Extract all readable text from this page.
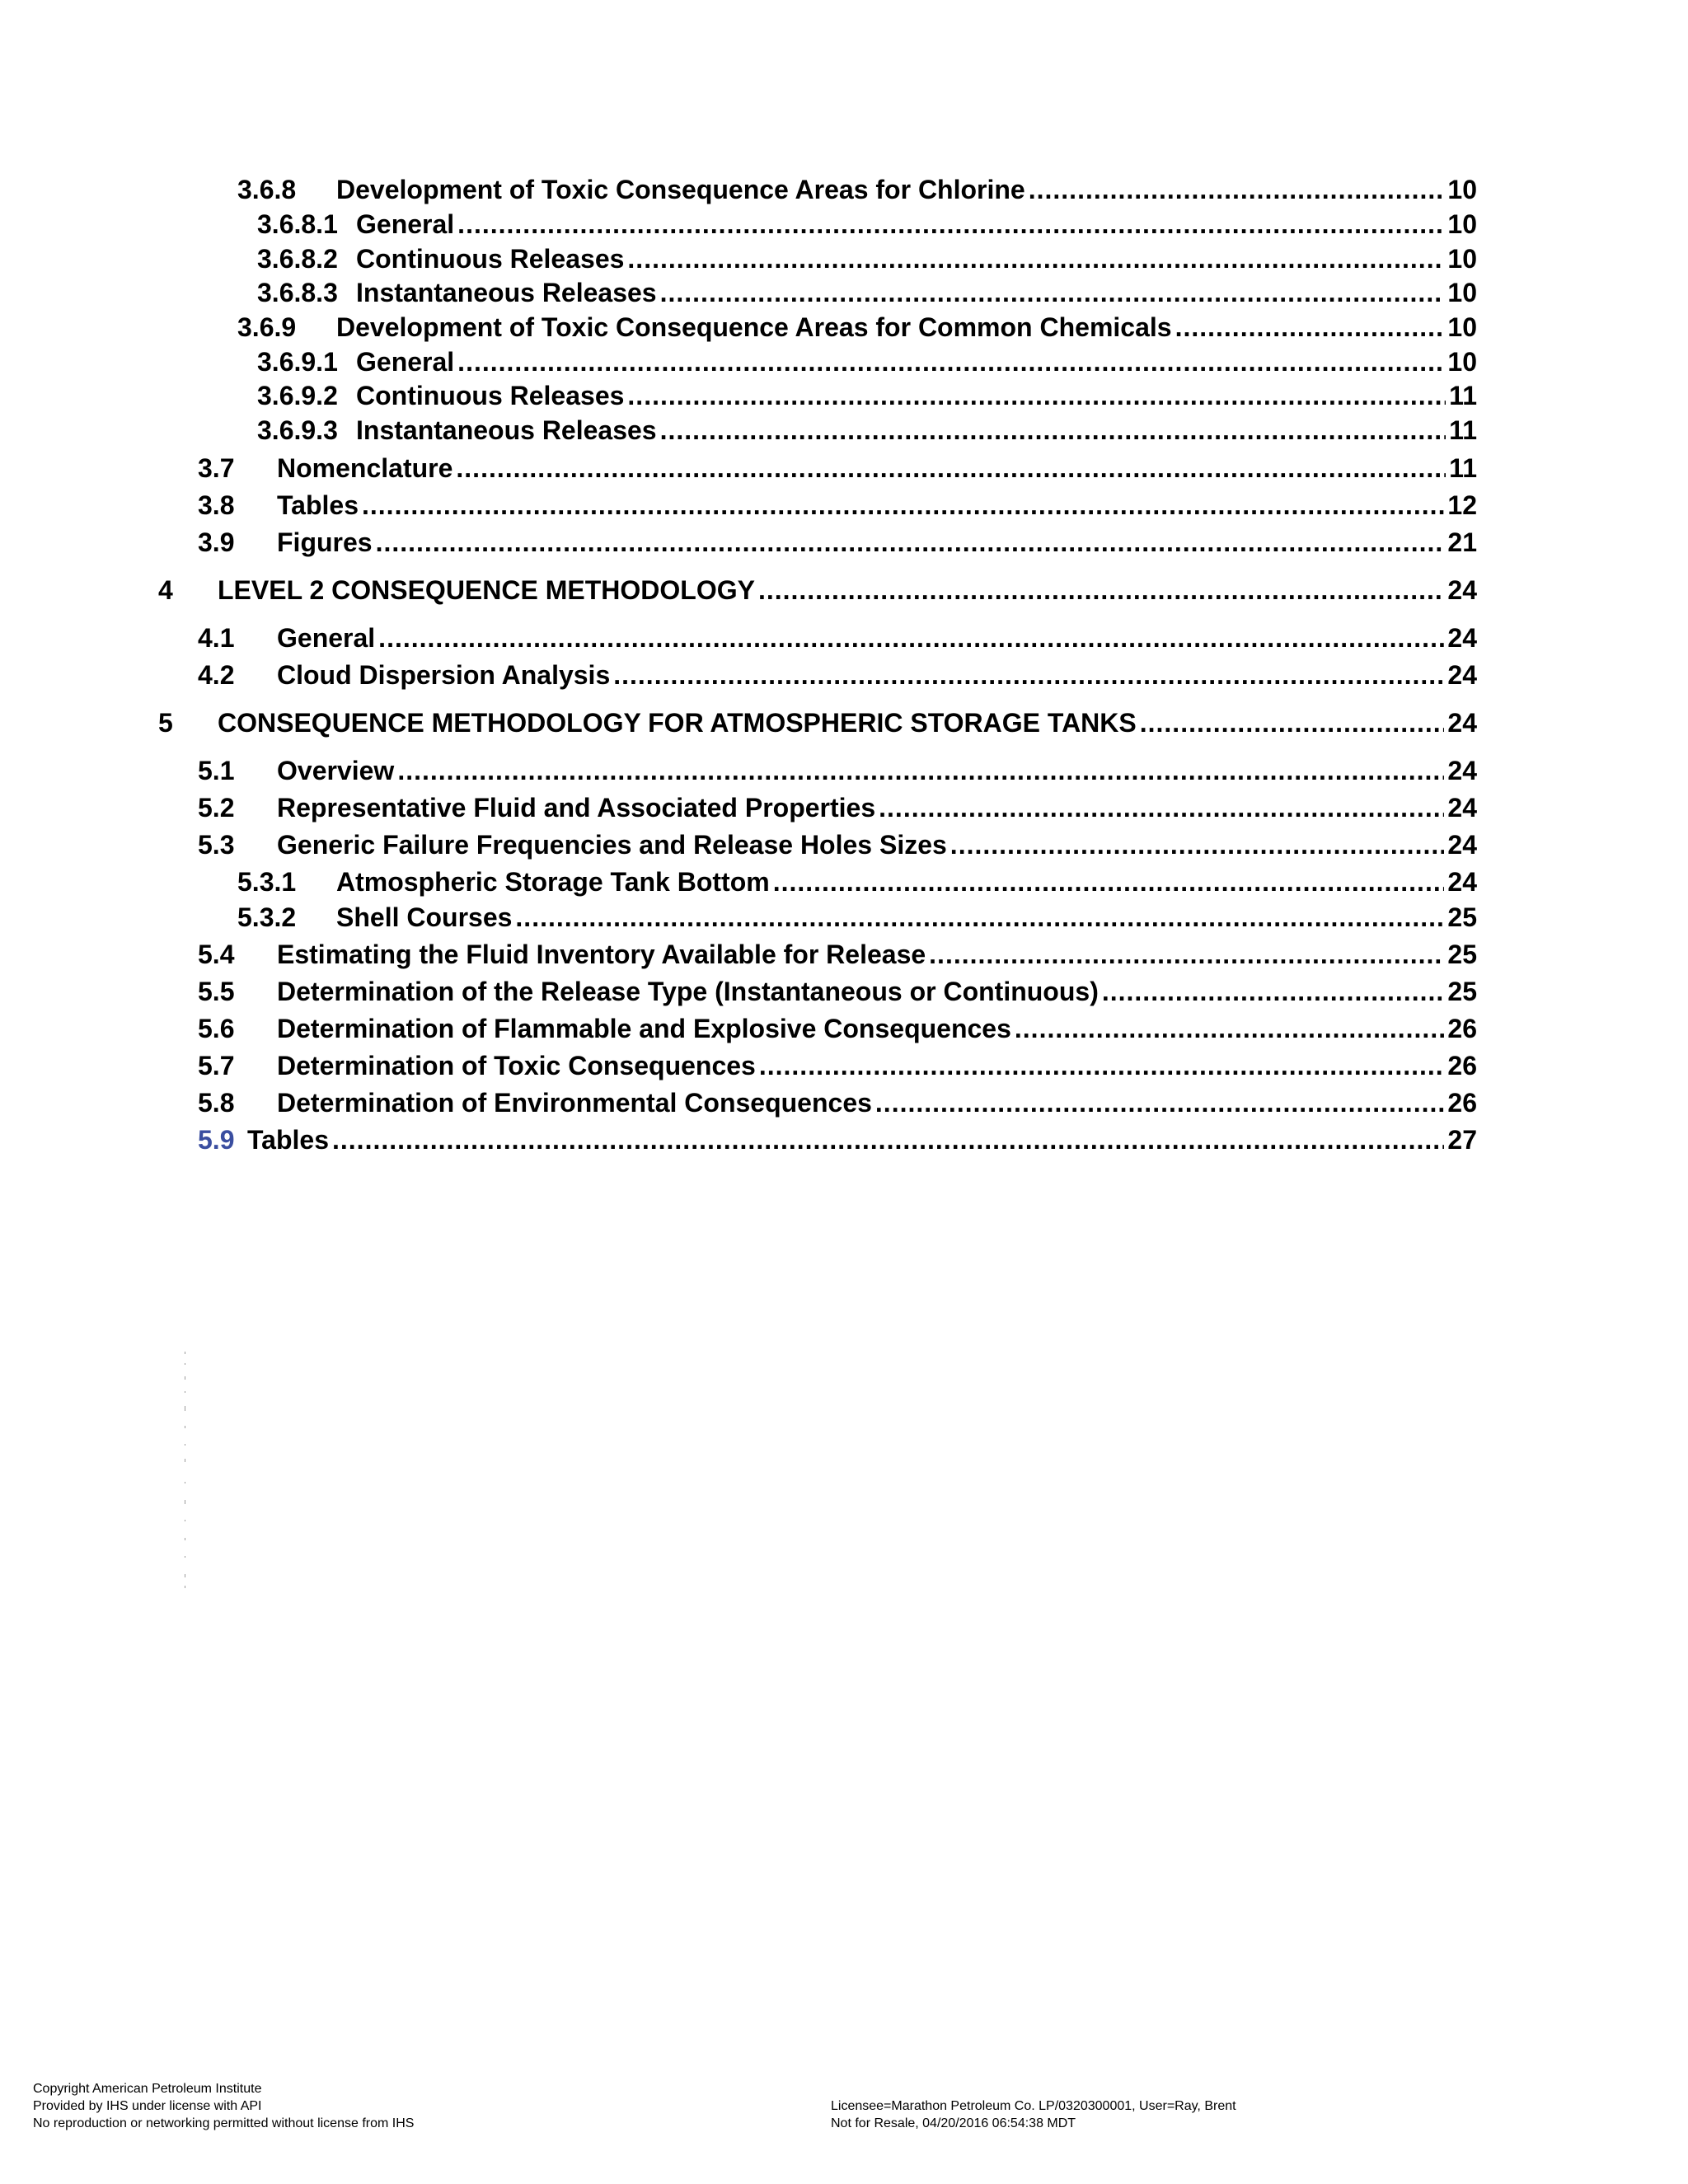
3.6.8	Development of Toxic Consequence Areas for Chlorine .....	10
3.6.8.1 General .....	10
3.6.8.2 Continuous Releases .....	10
3.6.8.3 Instantaneous Releases .....	10
3.6.9	Development of Toxic Consequence Areas for Common Chemicals .....	10
3.6.9.1 General .....	10
3.6.9.2 Continuous Releases .....	11
3.6.9.3 Instantaneous Releases .....	11
3.7	Nomenclature .....	11
3.8	Tables .....	12
3.9	Figures .....	21
4	LEVEL 2 CONSEQUENCE METHODOLOGY .....	24
4.1	General .....	24
4.2	Cloud Dispersion Analysis .....	24
5	CONSEQUENCE METHODOLOGY FOR ATMOSPHERIC STORAGE TANKS .....	24
5.1	Overview .....	24
5.2	Representative Fluid and Associated Properties .....	24
5.3	Generic Failure Frequencies and Release Holes Sizes .....	24
5.3.1	Atmospheric Storage Tank Bottom .....	24
5.3.2	Shell Courses .....	25
5.4	Estimating the Fluid Inventory Available for Release .....	25
5.5	Determination of the Release Type (Instantaneous or Continuous) .....	25
5.6	Determination of Flammable and Explosive Consequences .....	26
5.7	Determination of Toxic Consequences .....	26
5.8	Determination of Environmental Consequences .....	26
5.9 Tables .....	27
Copyright American Petroleum Institute
Provided by IHS under license with API
No reproduction or networking permitted without license from IHS
Licensee=Marathon Petroleum Co. LP/0320300001, User=Ray, Brent
Not for Resale, 04/20/2016 06:54:38 MDT
